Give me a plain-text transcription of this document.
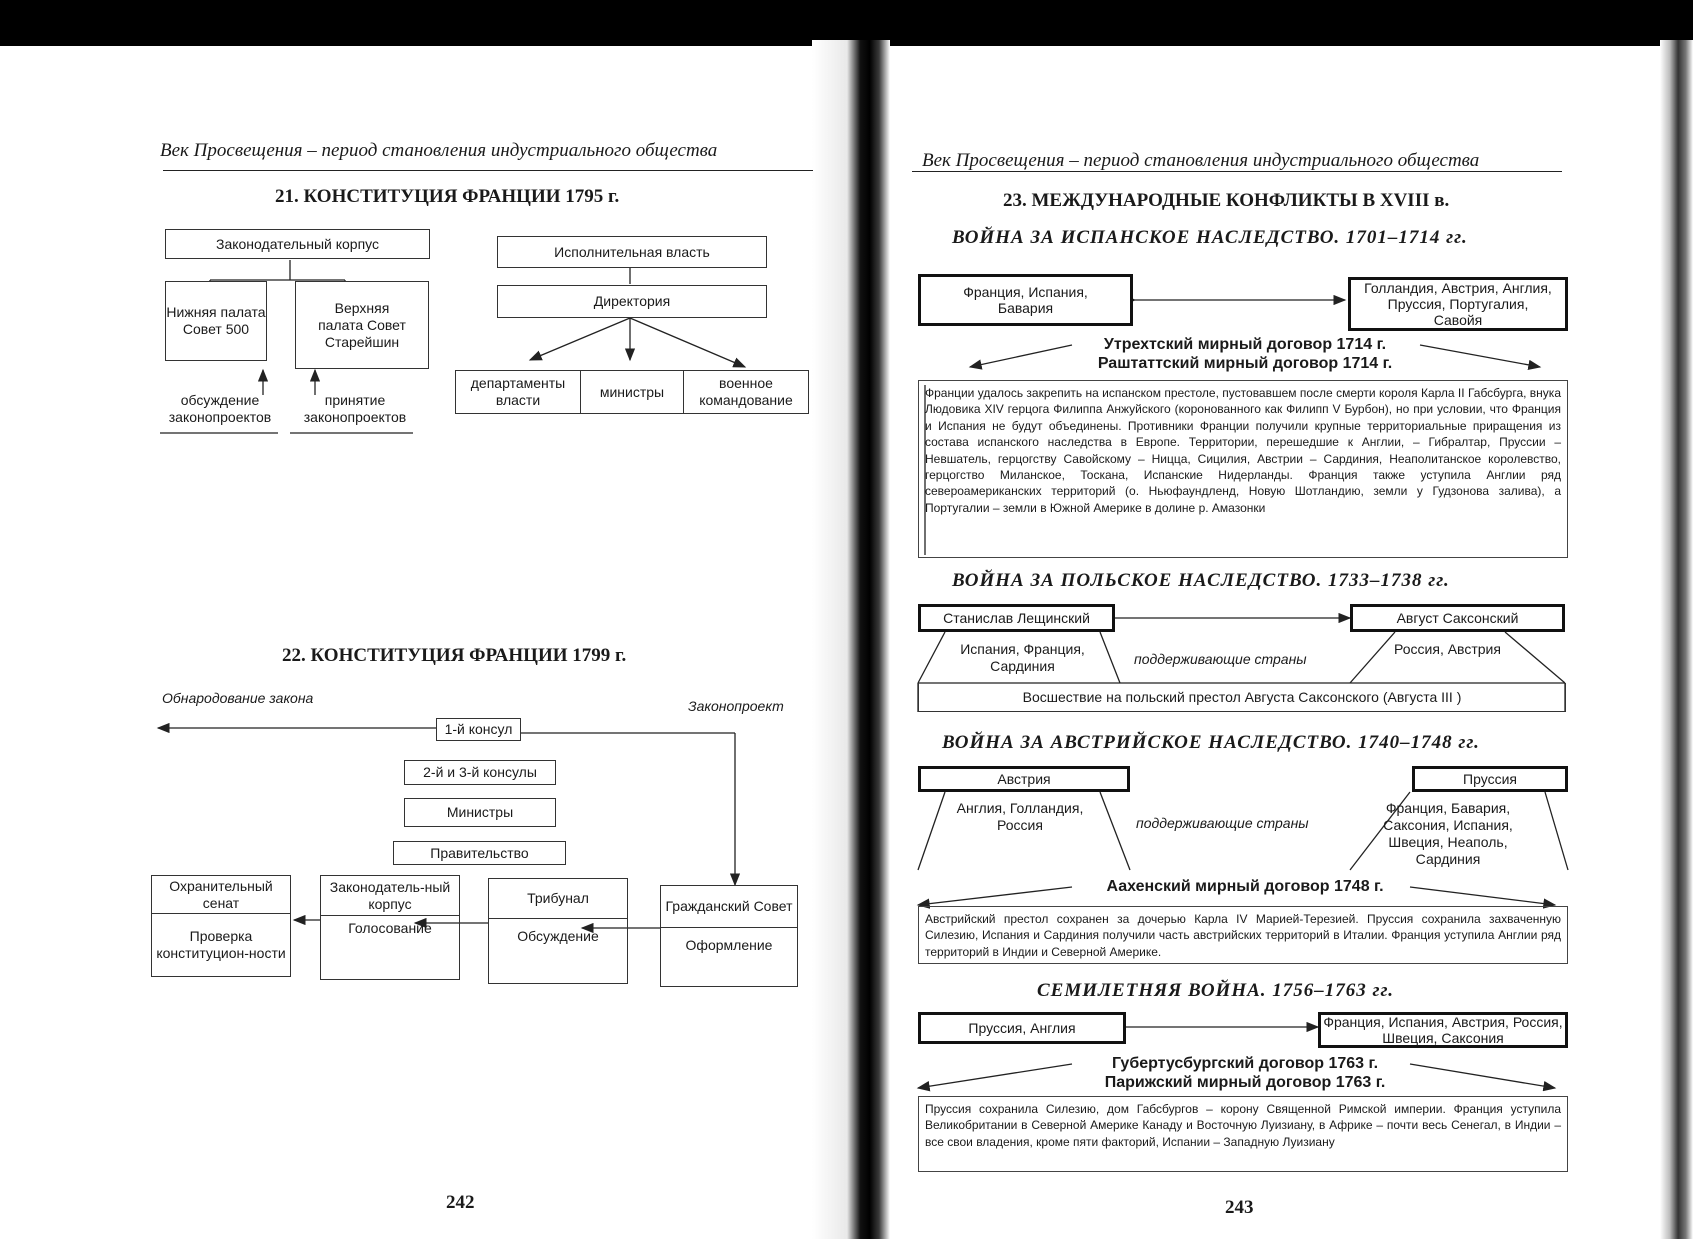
Век Просвещения – период становления индустриального общества
21. КОНСТИТУЦИЯ ФРАНЦИИ 1795 г.
Законодательный корпус
Нижняя палата Совет 500
Верхняя палата Совет Старейшин
обсуждение законопроектов
принятие законопроектов
Исполнительная власть
Директория
департаменты власти
министры
военное командование
22. КОНСТИТУЦИЯ ФРАНЦИИ 1799 г.
Обнародование закона	Законопроект
1-й консул
2-й и 3-й консулы
Министры
Правительство
Охранительный сенат
Проверка конституцион-ности
Законодатель-ный корпус
Голосование
Трибунал
Обсуждение
Гражданский Совет
Оформление
242
Век Просвещения – период становления индустриального общества
23. МЕЖДУНАРОДНЫЕ КОНФЛИКТЫ В XVIII в.
ВОЙНА ЗА ИСПАНСКОЕ НАСЛЕДСТВО. 1701–1714 гг.
Франция, Испания, Бавария
Голландия, Австрия, Англия, Пруссия, Португалия, Савойя
Утрехтский мирный договор 1714 г.
Раштаттский мирный договор 1714 г.
Франции удалось закрепить на испанском престоле, пустовавшем после смерти короля Карла II Габсбурга, внука Людовика XIV герцога Филиппа Анжуйского (коронованного как Филипп V Бурбон), но при условии, что Франция и Испания не будут объединены. Противники Франции получили крупные территориальные приращения из состава испанского наследства в Европе. Территории, перешедшие к Англии, – Гибралтар, Пруссии – Невшатель, герцогству Савойскому – Ницца, Сицилия, Австрии – Сардиния, Неаполитанское королевство, герцогство Миланское, Тоскана, Испанские Нидерланды. Франция также уступила Англии ряд североамериканских территорий (о. Ньюфаундленд, Новую Шотландию, земли у Гудзонова залива), а Португалии – земли в Южной Америке в долине р. Амазонки
ВОЙНА ЗА ПОЛЬСКОЕ НАСЛЕДСТВО. 1733–1738 гг.
Станислав Лещинский	Август Саксонский
Испания, Франция, Сардиния	поддерживающие страны
Россия, Австрия
Восшествие на польский престол Августа Саксонского (Августа III )
ВОЙНА ЗА АВСТРИЙСКОЕ НАСЛЕДСТВО. 1740–1748 гг.
Австрия	Пруссия
Англия, Голландия, Россия	поддерживающие страны
Франция, Бавария, Саксония, Испания, Швеция, Неаполь, Сардиния
Аахенский мирный договор 1748 г.
Австрийский престол сохранен за дочерью Карла IV Марией-Терезией. Пруссия сохранила захваченную Силезию, Испания и Сардиния получили часть австрийских территорий в Италии. Франция уступила Англии ряд территорий в Индии и Северной Америке.
СЕМИЛЕТНЯЯ ВОЙНА. 1756–1763 гг.
Пруссия, Англия	Франция, Испания, Австрия, Россия, Швеция, Саксония
Губертусбургский договор 1763 г.
Парижский мирный договор 1763 г.
Пруссия сохранила Силезию, дом Габсбургов – корону Священной Римской империи. Франция уступила Великобритании в Северной Америке Канаду и Восточную Луизиану, в Африке – почти весь Сенегал, в Индии – все свои владения, кроме пяти факторий, Испании – Западную Луизиану
243
